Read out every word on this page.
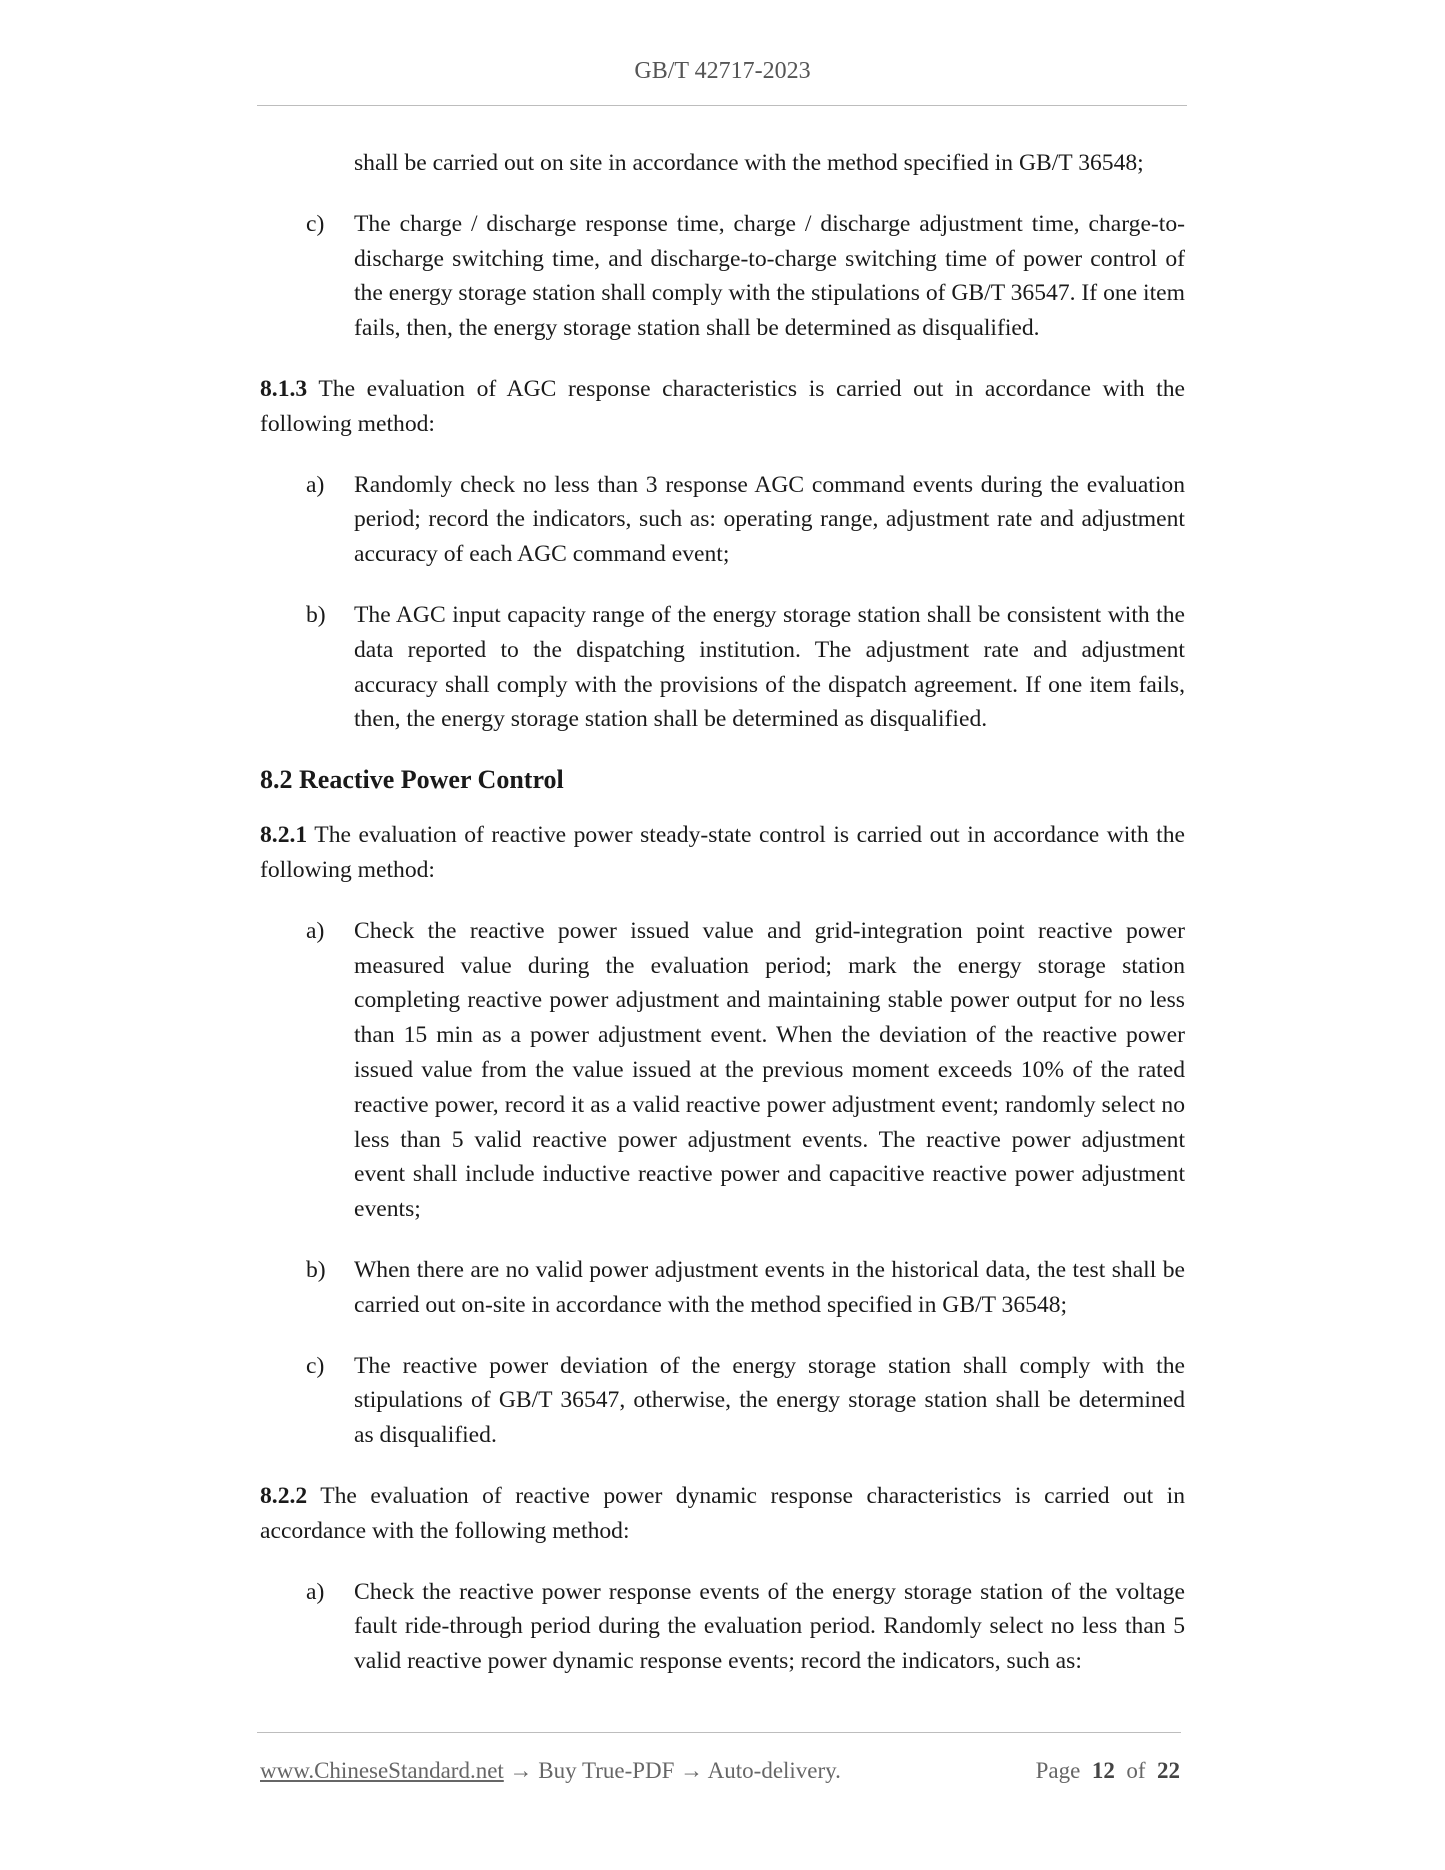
GB/T 42717-2023
shall be carried out on site in accordance with the method specified in GB/T 36548;
c) The charge / discharge response time, charge / discharge adjustment time, charge-to-discharge switching time, and discharge-to-charge switching time of power control of the energy storage station shall comply with the stipulations of GB/T 36547. If one item fails, then, the energy storage station shall be determined as disqualified.
8.1.3 The evaluation of AGC response characteristics is carried out in accordance with the following method:
a) Randomly check no less than 3 response AGC command events during the evaluation period; record the indicators, such as: operating range, adjustment rate and adjustment accuracy of each AGC command event;
b) The AGC input capacity range of the energy storage station shall be consistent with the data reported to the dispatching institution. The adjustment rate and adjustment accuracy shall comply with the provisions of the dispatch agreement. If one item fails, then, the energy storage station shall be determined as disqualified.
8.2 Reactive Power Control
8.2.1 The evaluation of reactive power steady-state control is carried out in accordance with the following method:
a) Check the reactive power issued value and grid-integration point reactive power measured value during the evaluation period; mark the energy storage station completing reactive power adjustment and maintaining stable power output for no less than 15 min as a power adjustment event. When the deviation of the reactive power issued value from the value issued at the previous moment exceeds 10% of the rated reactive power, record it as a valid reactive power adjustment event; randomly select no less than 5 valid reactive power adjustment events. The reactive power adjustment event shall include inductive reactive power and capacitive reactive power adjustment events;
b) When there are no valid power adjustment events in the historical data, the test shall be carried out on-site in accordance with the method specified in GB/T 36548;
c) The reactive power deviation of the energy storage station shall comply with the stipulations of GB/T 36547, otherwise, the energy storage station shall be determined as disqualified.
8.2.2 The evaluation of reactive power dynamic response characteristics is carried out in accordance with the following method:
a) Check the reactive power response events of the energy storage station of the voltage fault ride-through period during the evaluation period. Randomly select no less than 5 valid reactive power dynamic response events; record the indicators, such as:
www.ChineseStandard.net → Buy True-PDF → Auto-delivery.	Page 12 of 22
